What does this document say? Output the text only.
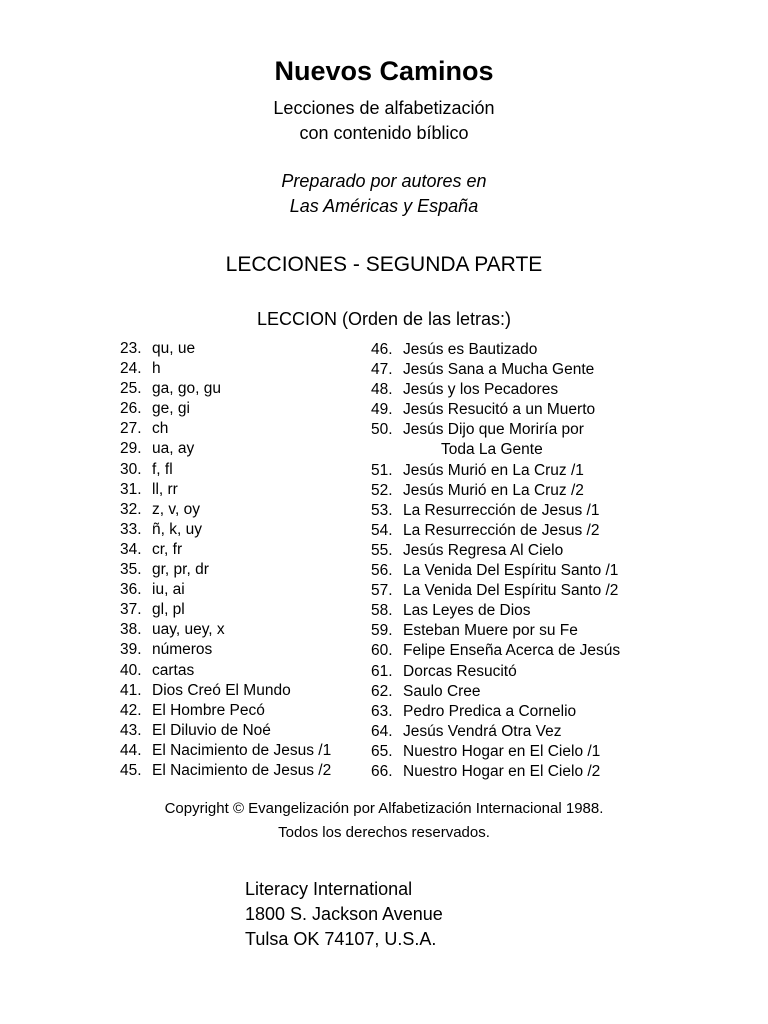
Nuevos Caminos
Lecciones de alfabetización
con contenido bíblico
Preparado por autores en
Las Américas y España
LECCIONES - SEGUNDA PARTE
LECCION (Orden de las letras:)
23. qu, ue
24. h
25. ga, go, gu
26. ge, gi
27. ch
29. ua, ay
30. f, fl
31. ll, rr
32. z, v, oy
33. ñ, k, uy
34. cr, fr
35. gr, pr, dr
36. iu, ai
37. gl, pl
38. uay, uey, x
39. números
40. cartas
41. Dios Creó El Mundo
42. El Hombre Pecó
43. El Diluvio de Noé
44. El Nacimiento de Jesus /1
45. El Nacimiento de Jesus /2
46. Jesús es Bautizado
47. Jesús Sana a Mucha Gente
48. Jesús y los Pecadores
49. Jesús Resucitó a un Muerto
50. Jesús Dijo que Moriría por
Toda La Gente
51. Jesús Murió en La Cruz /1
52. Jesús Murió en La Cruz /2
53. La Resurrección de Jesus /1
54. La Resurrección de Jesus /2
55. Jesús Regresa Al Cielo
56. La Venida Del Espíritu Santo /1
57. La Venida Del Espíritu Santo /2
58. Las Leyes de Dios
59. Esteban Muere por su Fe
60. Felipe Enseña Acerca de Jesús
61. Dorcas Resucitó
62. Saulo Cree
63. Pedro Predica a Cornelio
64. Jesús Vendrá Otra Vez
65. Nuestro Hogar en El Cielo /1
66. Nuestro Hogar en El Cielo /2
Copyright © Evangelización por Alfabetización Internacional 1988.
Todos los derechos reservados.
Literacy International
1800 S. Jackson Avenue
Tulsa OK 74107, U.S.A.
